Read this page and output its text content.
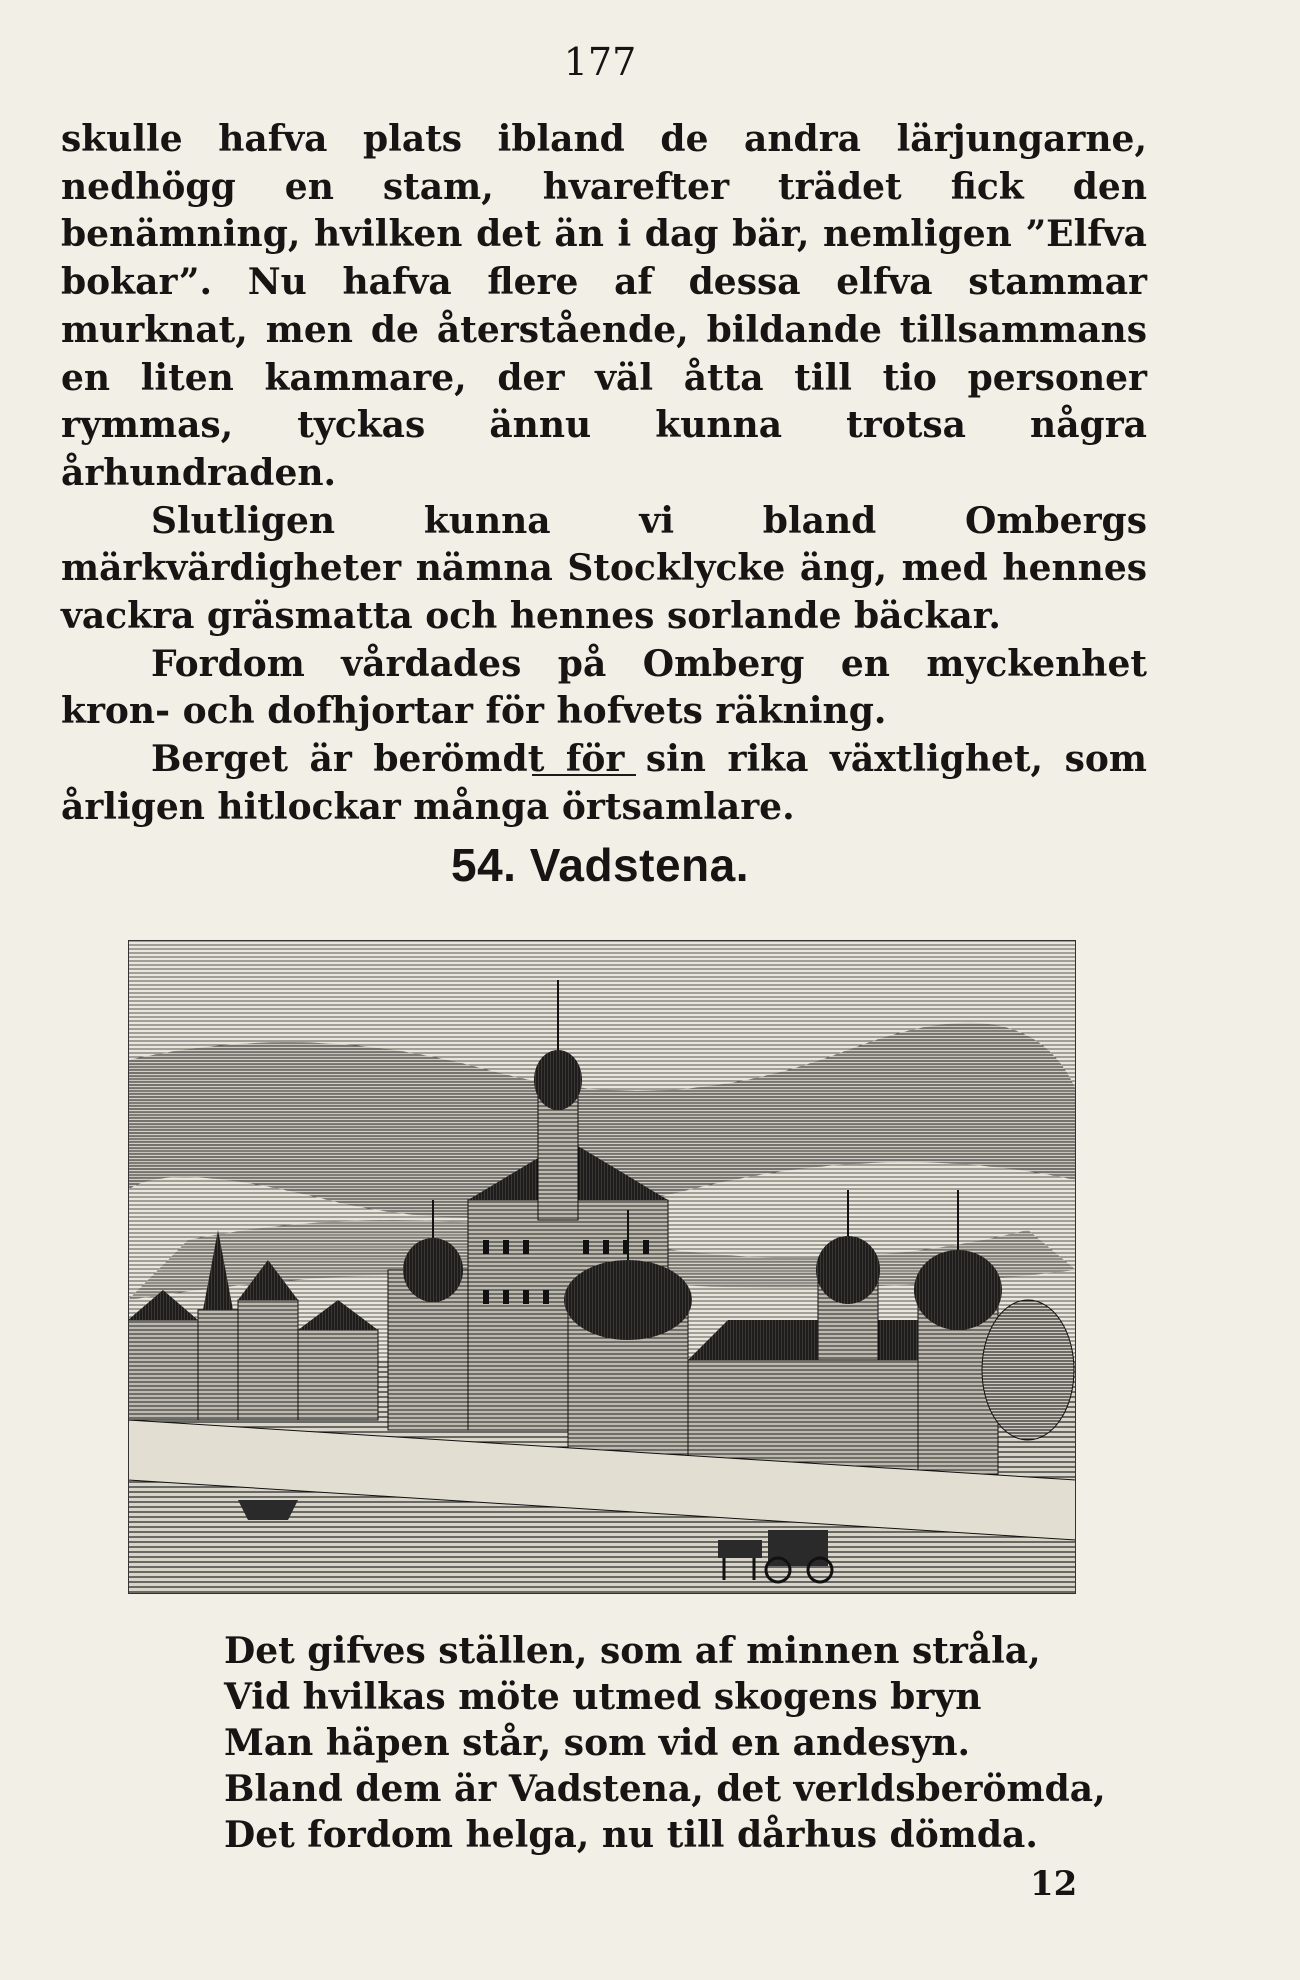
177

skulle hafva plats ibland de andra lärjungarne, nedhögg en stam, hvarefter trädet fick den benämning, hvilken det än i dag bär, nemligen ”Elfva bokar”. Nu hafva flere af dessa elfva stammar murknat, men de återstående, bildande tillsammans en liten kammare, der väl åtta till tio personer rymmas, tyckas ännu kunna trotsa några århundraden.

Slutligen kunna vi bland Ombergs märkvärdigheter nämna Stocklycke äng, med hennes vackra gräsmatta och hennes sorlande bäckar.

Fordom vårdades på Omberg en myckenhet kron- och dofhjortar för hofvets räkning.

Berget är berömdt för sin rika växtlighet, som årligen hitlockar många örtsamlare.

54. Vadstena.
Det gifves ställen, som af minnen stråla,
Vid hvilkas möte utmed skogens bryn
Man häpen står, som vid en andesyn.
Bland dem är Vadstena, det verldsberömda,
Det fordom helga, nu till dårhus dömda.
12
